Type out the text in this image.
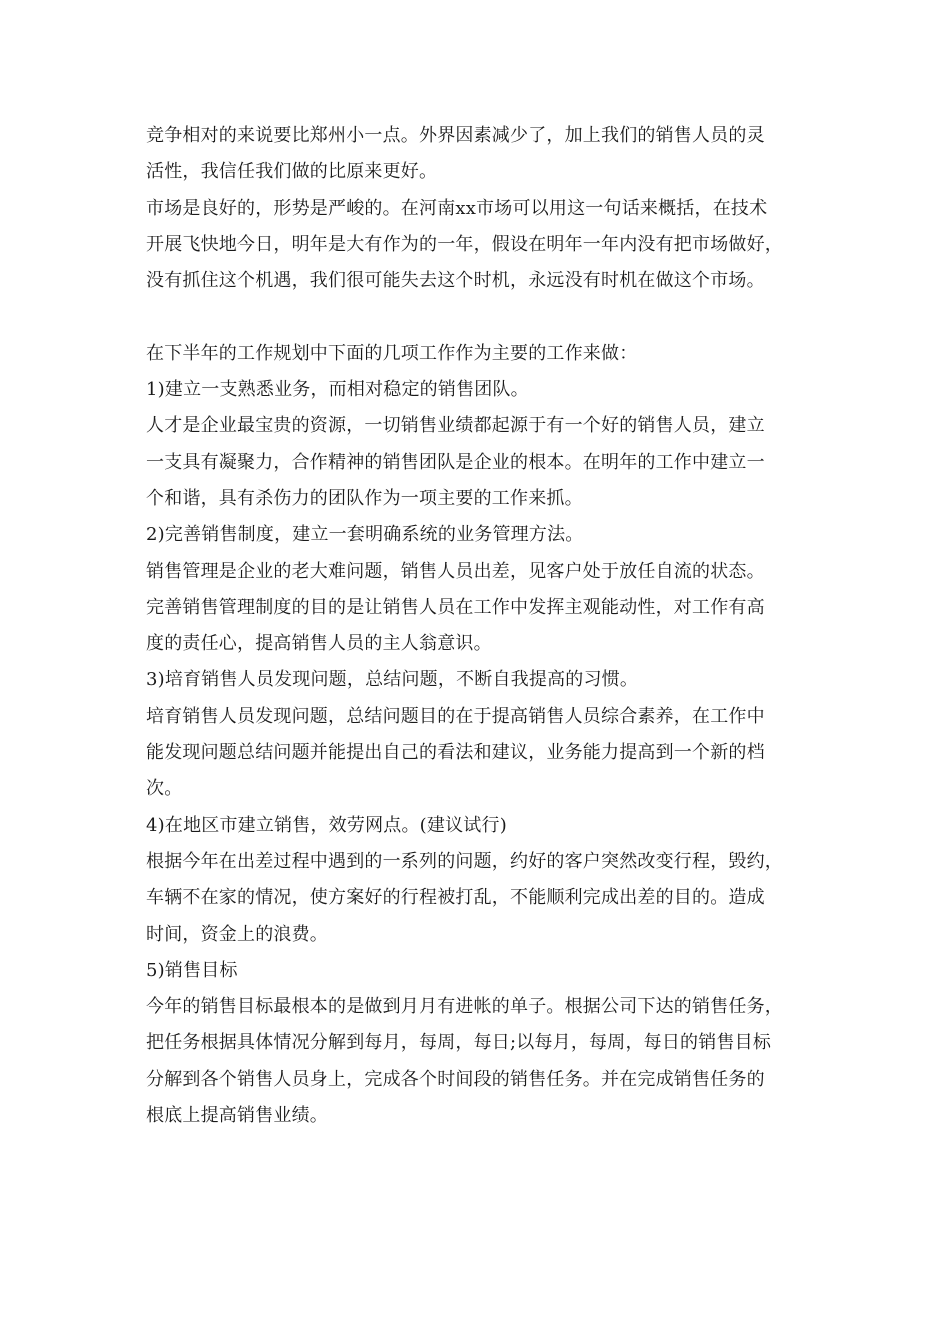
竞争相对的来说要比郑州小一点。外界因素减少了，加上我们的销售人员的灵
活性，我信任我们做的比原来更好。
市场是良好的，形势是严峻的。在河南xx市场可以用这一句话来概括，在技术
开展飞快地今日，明年是大有作为的一年，假设在明年一年内没有把市场做好，
没有抓住这个机遇，我们很可能失去这个时机，永远没有时机在做这个市场。
在下半年的工作规划中下面的几项工作作为主要的工作来做：
1)建立一支熟悉业务，而相对稳定的销售团队。
人才是企业最宝贵的资源，一切销售业绩都起源于有一个好的销售人员，建立
一支具有凝聚力，合作精神的销售团队是企业的根本。在明年的工作中建立一
个和谐，具有杀伤力的团队作为一项主要的工作来抓。
2)完善销售制度，建立一套明确系统的业务管理方法。
销售管理是企业的老大难问题，销售人员出差，见客户处于放任自流的状态。
完善销售管理制度的目的是让销售人员在工作中发挥主观能动性，对工作有高
度的责任心，提高销售人员的主人翁意识。
3)培育销售人员发现问题，总结问题，不断自我提高的习惯。
培育销售人员发现问题，总结问题目的在于提高销售人员综合素养，在工作中
能发现问题总结问题并能提出自己的看法和建议，业务能力提高到一个新的档
次。
4)在地区市建立销售，效劳网点。(建议试行)
根据今年在出差过程中遇到的一系列的问题，约好的客户突然改变行程，毁约，
车辆不在家的情况，使方案好的行程被打乱，不能顺利完成出差的目的。造成
时间，资金上的浪费。
5)销售目标
今年的销售目标最根本的是做到月月有进帐的单子。根据公司下达的销售任务，
把任务根据具体情况分解到每月，每周，每日;以每月，每周，每日的销售目标
分解到各个销售人员身上，完成各个时间段的销售任务。并在完成销售任务的
根底上提高销售业绩。
